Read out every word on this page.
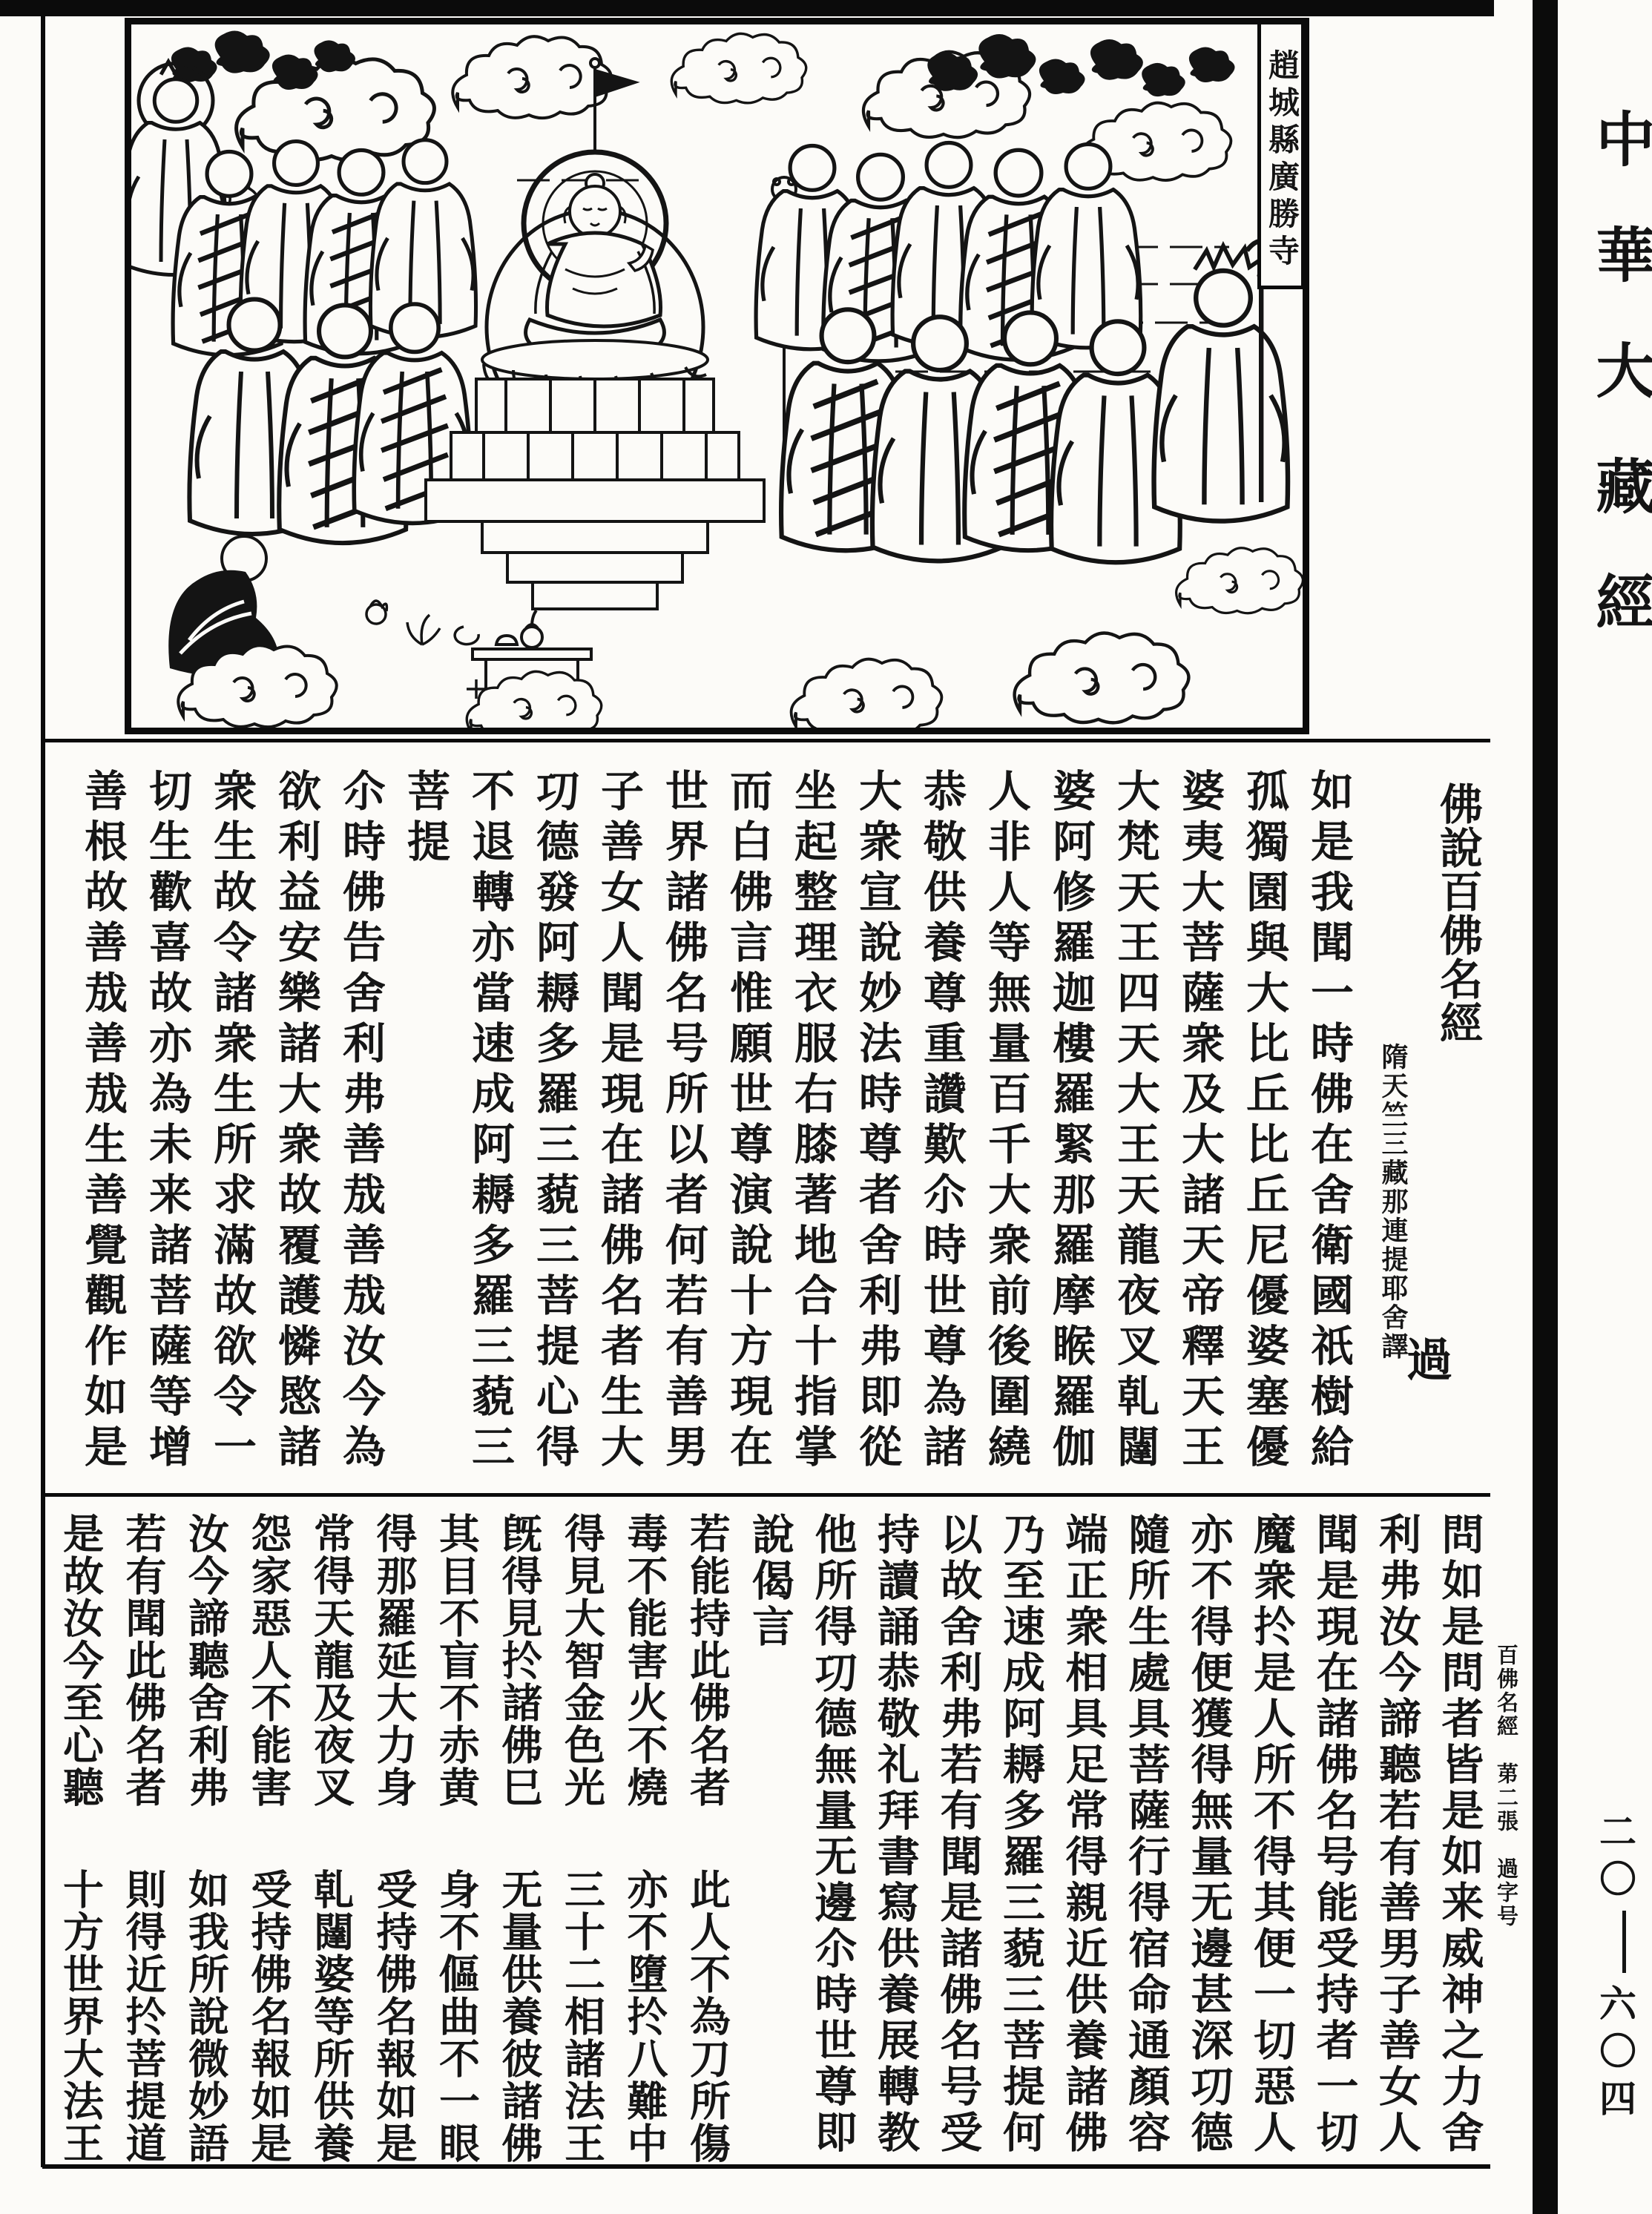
趙城縣廣勝寺
佛說百佛名經
隋天竺三藏那連提耶舍譯
如是我聞一時佛在舍衛國祇樹給
孤獨園與大比丘比丘尼優婆塞優
婆夷大菩薩衆及大諸天帝釋天王
大梵天王四天大王天龍夜叉乹闥
婆阿修羅迦樓羅緊那羅摩睺羅伽
人非人等無量百千大衆前後圍繞
恭敬供養尊重讚歎尒時世尊為諸
大衆宣說妙法時尊者舍利弗即從
坐起整理衣服右膝著地合十指掌
而白佛言惟願世尊演說十方現在
世界諸佛名号所以者何若有善男
子善女人聞是現在諸佛名者生大
㓛德發阿耨多羅三藐三菩提心得
不退轉亦當速成阿耨多羅三藐三
菩提
尒時佛告舍利弗善㦲善㦲汝今為
欲利益安樂諸大衆故覆護憐愍諸
衆生故令諸衆生所求滿故欲令一
切生歡喜故亦為未来諸菩薩等增
善根故善㦲善㦲生善覺觀作如是	過
問如是問者皆是如来威神之力舍
利弗汝今諦聽若有善男子善女人
聞是現在諸佛名号能受持者一切
魔衆扵是人所不得其便一切惡人
亦不得便獲得無量无邊甚深㓛德
隨所生處具菩薩行得宿命通顏容
端正衆相具足常得親近供養諸佛
乃至速成阿耨多羅三藐三菩提何
以故舍利弗若有聞是諸佛名号受
持讀誦恭敬礼拜書寫供養展轉教
他所得㓛德無量无邊尒時世尊即
說偈言
若能持此佛名者
此人不為刀所傷
毒不能害火不燒
亦不墮扵八難中
得見大智金色光
三十二相諸法王
旣得見扵諸佛巳
无量供養彼諸佛
其目不盲不赤黄
身不傴曲不一眼
得那羅延大力身
受持佛名報如是
常得天龍及夜叉
乹闥婆等所供養
怨家惡人不能害
受持佛名報如是
汝今諦聽舍利弗
如我所說微妙語
若有聞此佛名者
則得近扵菩提道
是故汝今至心聽
十方世界大法王
百佛名經　苐二張　過字号
中華大藏經
二〇
六〇四
